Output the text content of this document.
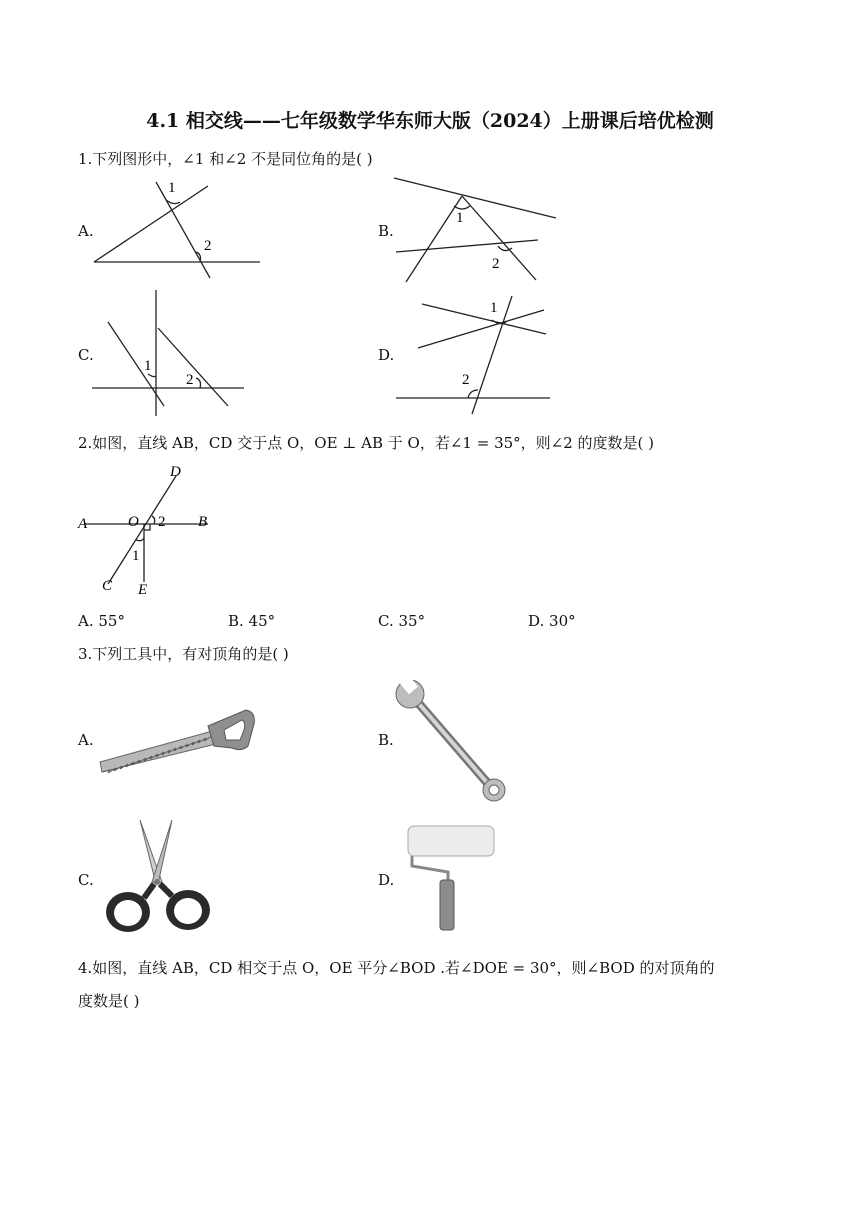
4.1 相交线——七年级数学华东师大版（2024）上册课后培优检测
1.下列图形中，∠1 和∠2 不是同位角的是( )
A.
1
2
B.
1
2
C.
1
2
D.
1
2
2.如图，直线 AB，CD 交于点 O，OE ⊥ AB 于 O，若∠1 = 35°，则∠2 的度数是( )
A	O 2 B
D
1
C E
A. 55°	B. 45°	C. 35°	D. 30°
3.下列工具中，有对顶角的是( )
A.	B.
C.	D.
4.如图，直线 AB，CD 相交于点 O，OE 平分∠BOD .若∠DOE = 30°，则∠BOD 的对顶角的
度数是( )
